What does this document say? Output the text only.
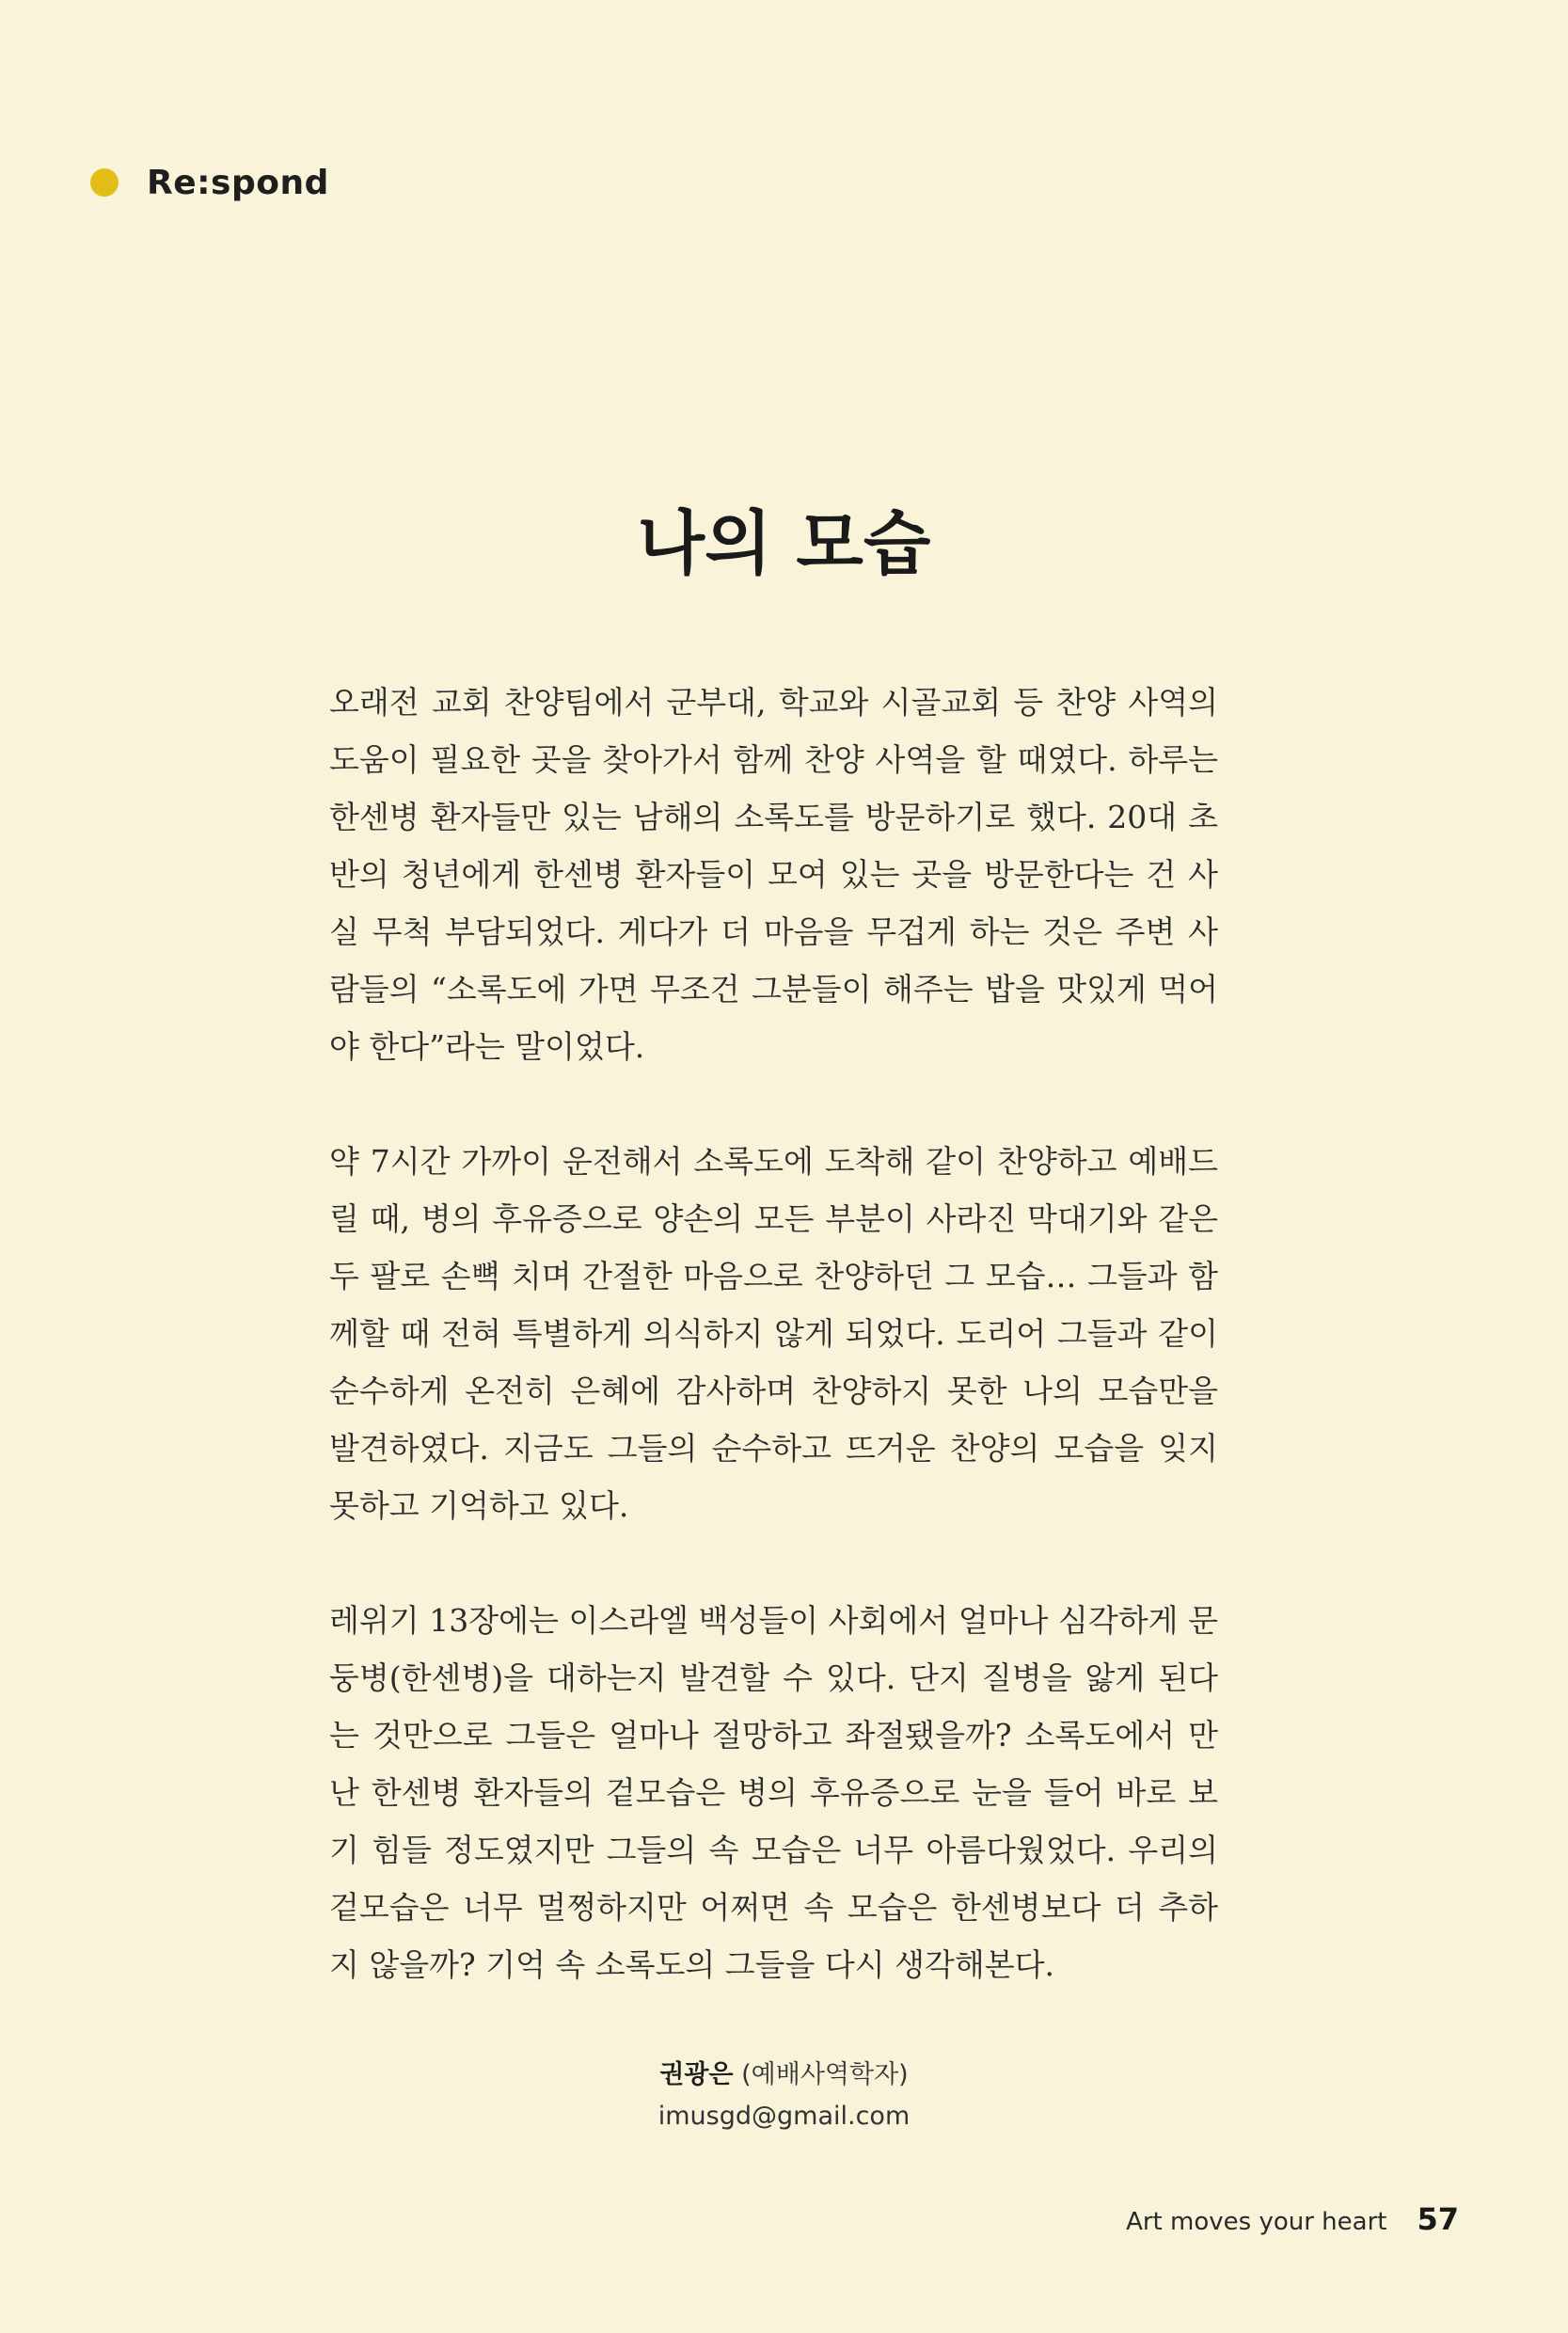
Re:spond
나의 모습

오래전 교회 찬양팀에서 군부대, 학교와 시골교회 등 찬양 사역의
도움이 필요한 곳을 찾아가서 함께 찬양 사역을 할 때였다. 하루는
한센병 환자들만 있는 남해의 소록도를 방문하기로 했다. 20대 초
반의 청년에게 한센병 환자들이 모여 있는 곳을 방문한다는 건 사
실 무척 부담되었다. 게다가 더 마음을 무겁게 하는 것은 주변 사
람들의 “소록도에 가면 무조건 그분들이 해주는 밥을 맛있게 먹어
야 한다”라는 말이었다.

약 7시간 가까이 운전해서 소록도에 도착해 같이 찬양하고 예배드
릴 때, 병의 후유증으로 양손의 모든 부분이 사라진 막대기와 같은
두 팔로 손뼉 치며 간절한 마음으로 찬양하던 그 모습… 그들과 함
께할 때 전혀 특별하게 의식하지 않게 되었다. 도리어 그들과 같이
순수하게 온전히 은혜에 감사하며 찬양하지 못한 나의 모습만을
발견하였다. 지금도 그들의 순수하고 뜨거운 찬양의 모습을 잊지
못하고 기억하고 있다.

레위기 13장에는 이스라엘 백성들이 사회에서 얼마나 심각하게 문
둥병(한센병)을 대하는지 발견할 수 있다. 단지 질병을 앓게 된다
는 것만으로 그들은 얼마나 절망하고 좌절됐을까? 소록도에서 만
난 한센병 환자들의 겉모습은 병의 후유증으로 눈을 들어 바로 보
기 힘들 정도였지만 그들의 속 모습은 너무 아름다웠었다. 우리의
겉모습은 너무 멀쩡하지만 어쩌면 속 모습은 한센병보다 더 추하
지 않을까? 기억 속 소록도의 그들을 다시 생각해본다.

권광은 (예배사역학자)
imusgd@gmail.com
Art moves your heart 57
